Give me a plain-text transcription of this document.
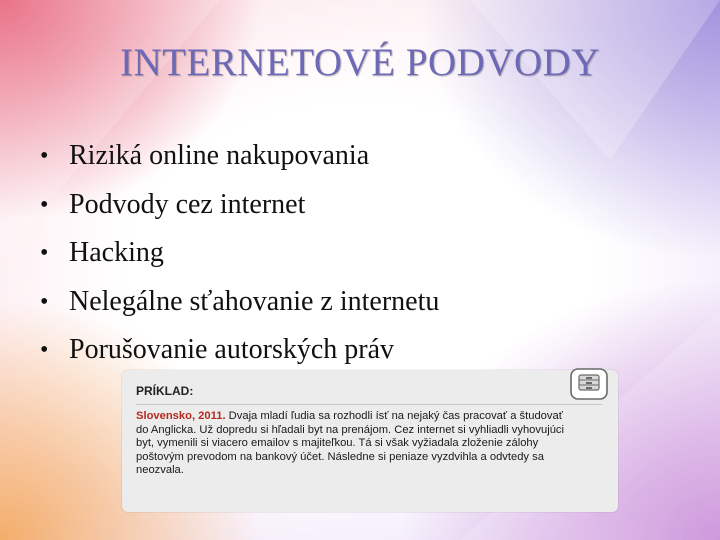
INTERNETOVÉ PODVODY
• Riziká online nakupovania
• Podvody cez internet
• Hacking
• Nelegálne sťahovanie z internetu
• Porušovanie autorských práv
PRÍKLAD:
Slovensko, 2011. Dvaja mladí ľudia sa rozhodli ísť na nejaký čas pracovať a študovať
do Anglicka. Už dopredu si hľadali byt na prenájom. Cez internet si vyhliadli vyhovujúci
byt, vymenili si viacero emailov s majiteľkou. Tá si však vyžiadala zloženie zálohy
poštovým prevodom na bankový účet. Následne si peniaze vyzdvihla a odvtedy sa
neozvala.
